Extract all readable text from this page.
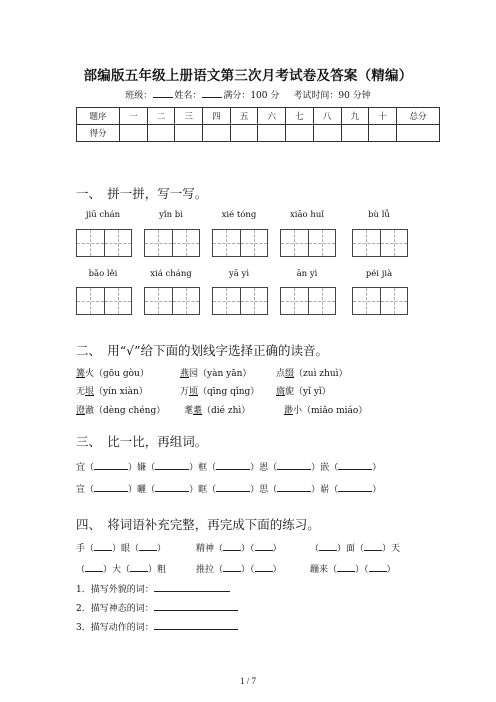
部编版五年级上册语文第三次月考试卷及答案（精编）
班级： 姓名： 满分：100 分 考试时间：90 分钟
题序	一	二	三	四	五	六	七	八	九	十	总分
得分											
一、　拼一拼，写一写。
jiū chán	yǐn bì	xié tóng	xiāo huǐ	bù lǚ
bǎo lěi	xiá cháng	yā yì	ān yì	péi jià
二、　用“√”给下面的划线字选择正确的读音。
篝火（gōu gòu）	燕园（yàn yān）	点缀（zuì zhuì）
无垠（yín xiàn）	万顷（qīng qǐng） 旖旎（yǐ yǐ）
澄澈（dèng chéng） 耄耋（dié zhì）	渺小（miǎo miáo）
三、　比一比，再组词。
宜（	）嫌（	）框（	）恩（	）嵌（	）
宣（	）曬（	）眶（	）思（	）崭（	）
四、　将词语补充完整，再完成下面的练习。
手（ ）眼（ ）	精神（ ）（ ）	（ ）面（ ）天
（ ）大（ ）粗	推拉（ ）（ ）	蹦来（ ）（ ）
1．描写外貌的词：
2．描写神态的词：
3．描写动作的词：
1 / 7
